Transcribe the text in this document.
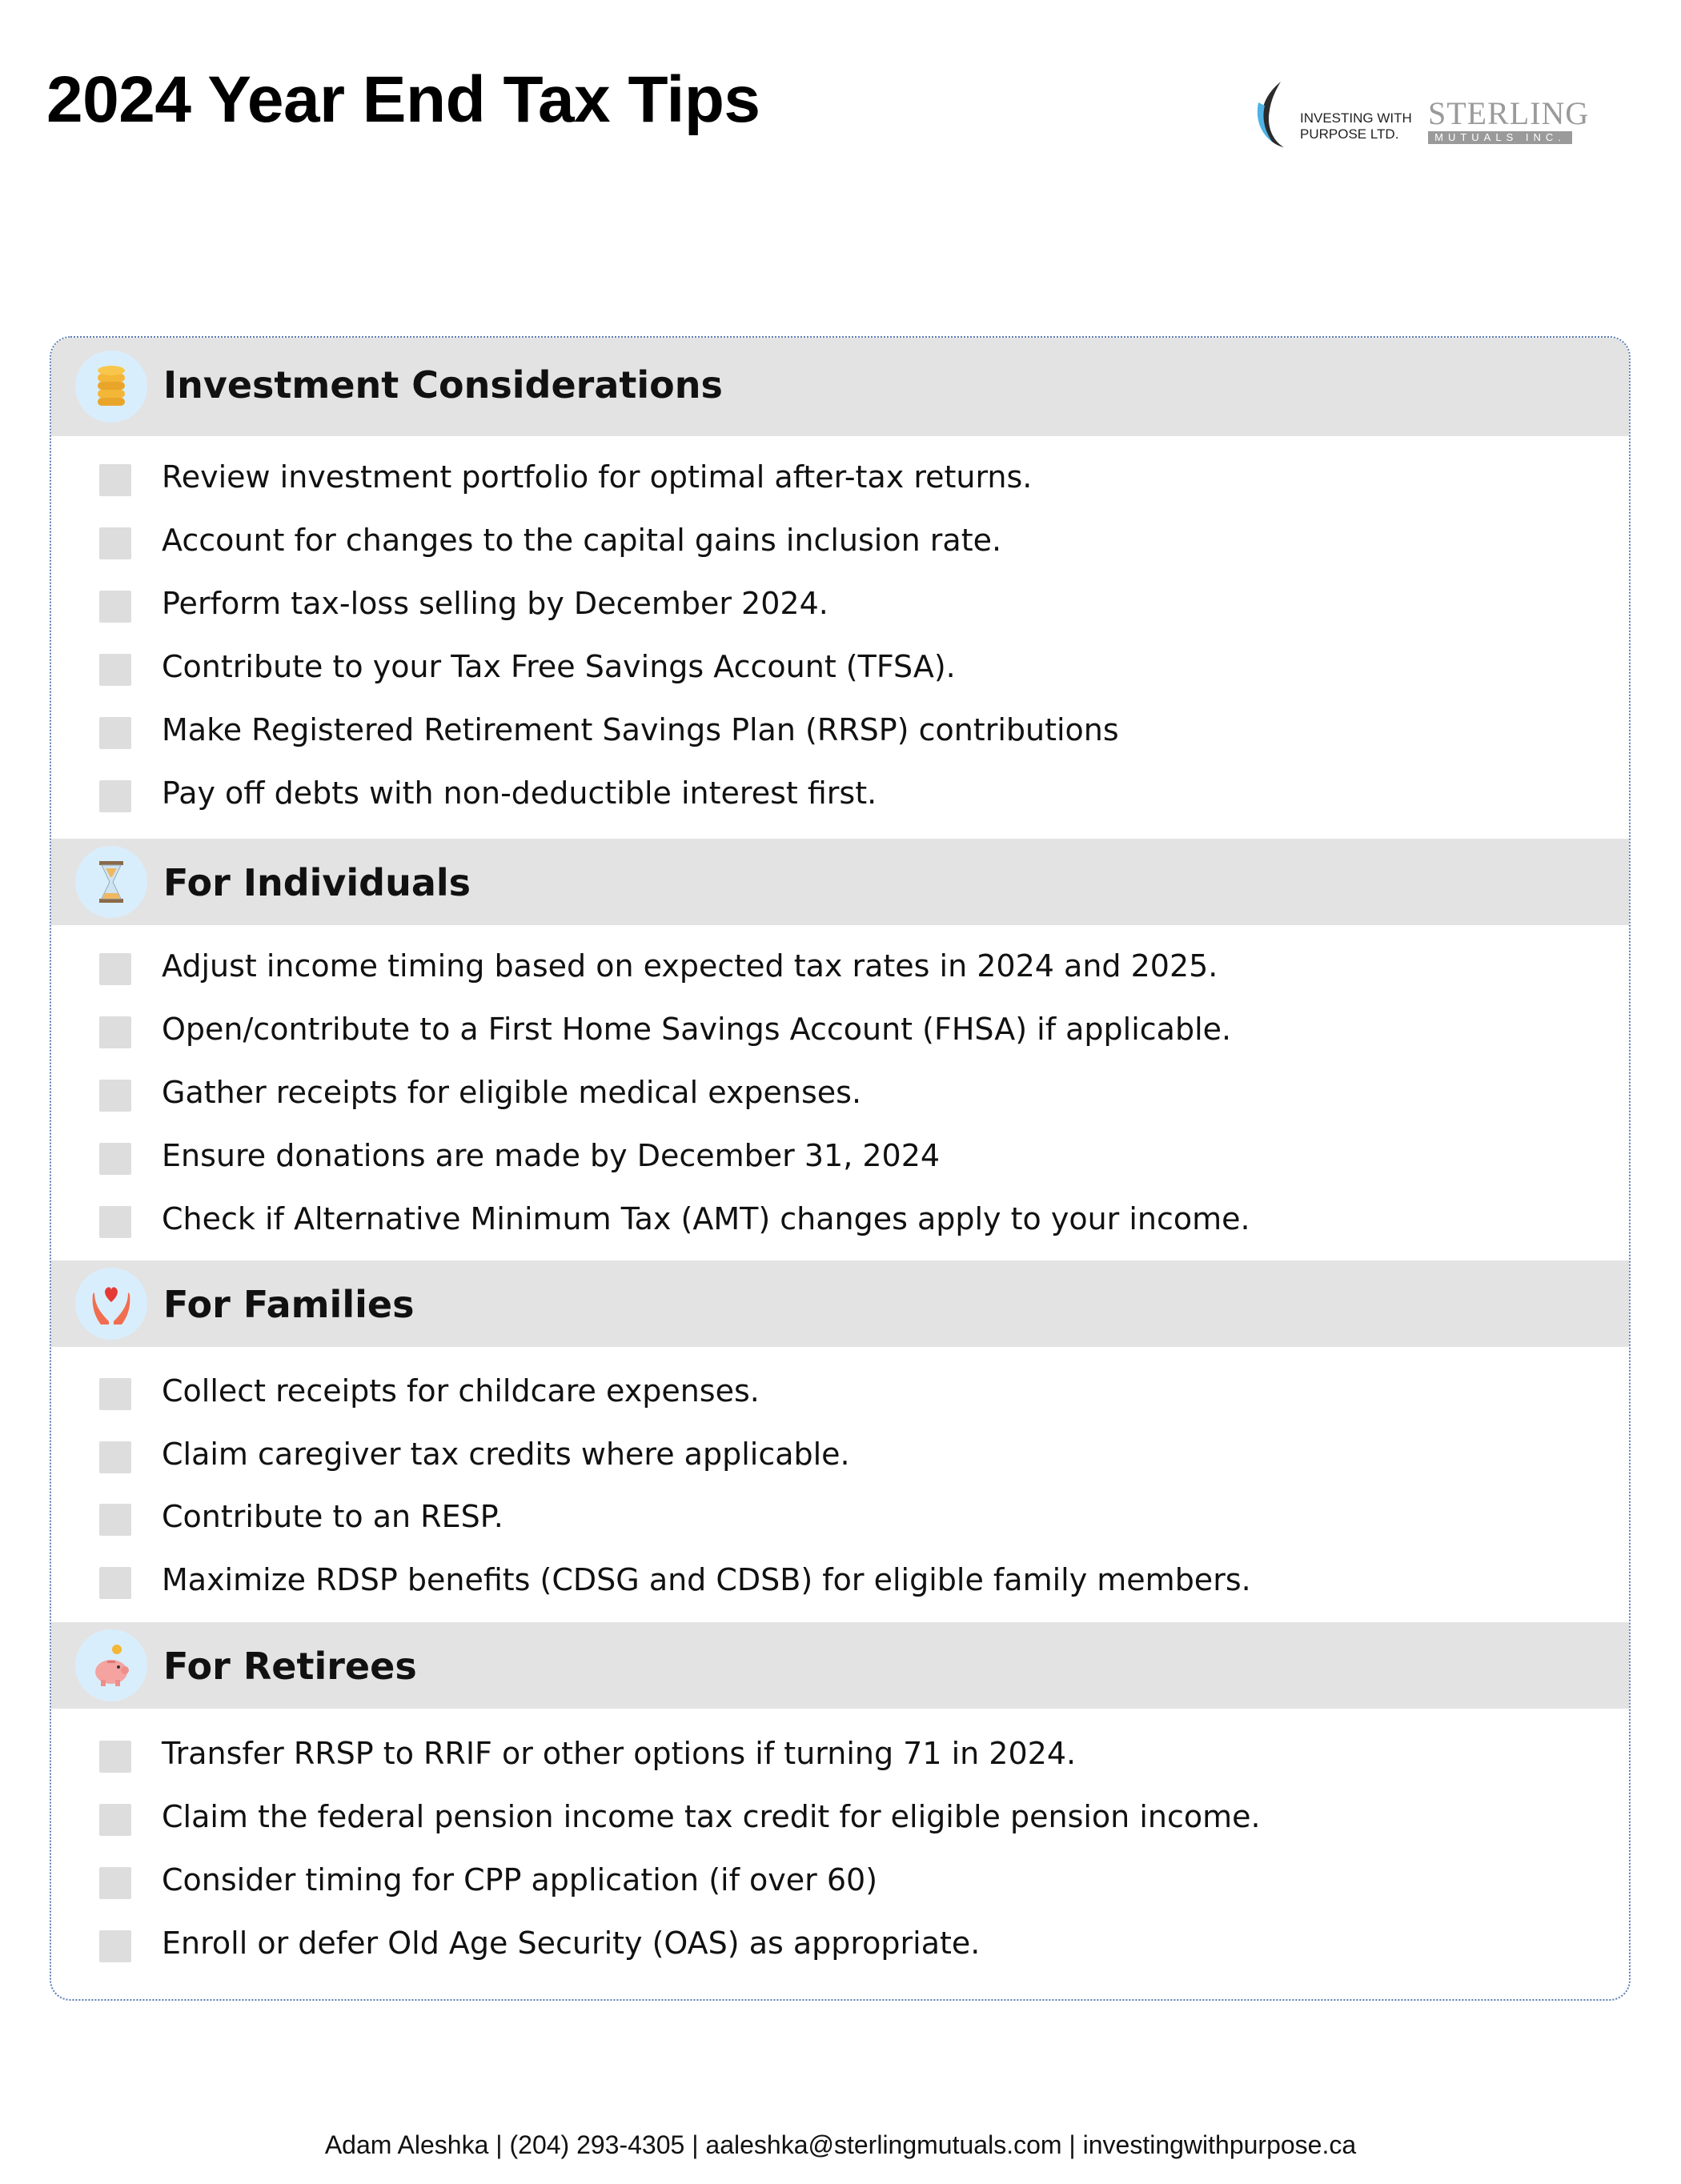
2024 Year End Tax Tips	INVESTING WITH
PURPOSE LTD.
STERLING
MUTUALS INC.
Investment Considerations
Review investment portfolio for optimal after-tax returns.
Account for changes to the capital gains inclusion rate.
Perform tax-loss selling by December 2024.
Contribute to your Tax Free Savings Account (TFSA).
Make Registered Retirement Savings Plan (RRSP) contributions
Pay off debts with non-deductible interest first.
For Individuals
Adjust income timing based on expected tax rates in 2024 and 2025.
Open/contribute to a First Home Savings Account (FHSA) if applicable.
Gather receipts for eligible medical expenses.
Ensure donations are made by December 31, 2024
Check if Alternative Minimum Tax (AMT) changes apply to your income.
For Families
Collect receipts for childcare expenses.
Claim caregiver tax credits where applicable.
Contribute to an RESP.
Maximize RDSP benefits (CDSG and CDSB) for eligible family members.
For Retirees
Transfer RRSP to RRIF or other options if turning 71 in 2024.
Claim the federal pension income tax credit for eligible pension income.
Consider timing for CPP application (if over 60)
Enroll or defer Old Age Security (OAS) as appropriate.
Adam Aleshka | (204) 293-4305 | aaleshka@sterlingmutuals.com | investingwithpurpose.ca
